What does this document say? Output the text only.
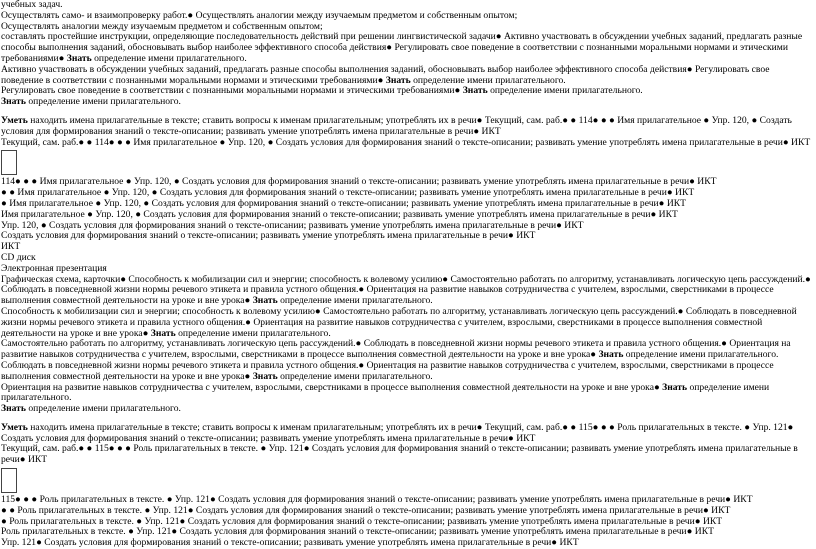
учебных задач.
Осуществлять само- и взаимопроверку работ.● Осуществлять аналогии между изучаемым предметом и собственным опытом;
Осуществлять аналогии между изучаемым предметом и собственным опытом;
составлять простейшие инструкции, определяющие последовательность действий при решении лингвистической задачи● Активно участвовать в обсуждении учебных заданий, предлагать разные способы выполнения заданий, обосновывать выбор наиболее эффективного способа действия● Регулировать свое поведение в соответствии с познанными моральными нормами и этическими требованиями● Знать определение имени прилагательного.
Активно участвовать в обсуждении учебных заданий, предлагать разные способы выполнения заданий, обосновывать выбор наиболее эффективного способа действия● Регулировать свое поведение в соответствии с познанными моральными нормами и этическими требованиями● Знать определение имени прилагательного.
Регулировать свое поведение в соответствии с познанными моральными нормами и этическими требованиями● Знать определение имени прилагательного.
Знать определение имени прилагательного.
Уметь находить имена прилагательные в тексте; ставить вопросы к именам прилагательным; употреблять их в речи● Текущий, сам. раб.● ● 114● ● ● Имя прилагательное ● Упр. 120, ● Создать условия для формирования знаний о тексте-описании; развивать умение употреблять имена прилагательные в речи● ИКТ
Текущий, сам. раб.● ● 114● ● ● Имя прилагательное ● Упр. 120, ● Создать условия для формирования знаний о тексте-описании; развивать умение употреблять имена прилагательные в речи● ИКТ
114● ● ● Имя прилагательное ● Упр. 120, ● Создать условия для формирования знаний о тексте-описании; развивать умение употреблять имена прилагательные в речи● ИКТ
● ● Имя прилагательное ● Упр. 120, ● Создать условия для формирования знаний о тексте-описании; развивать умение употреблять имена прилагательные в речи● ИКТ
● Имя прилагательное ● Упр. 120, ● Создать условия для формирования знаний о тексте-описании; развивать умение употреблять имена прилагательные в речи● ИКТ
Имя прилагательное ● Упр. 120, ● Создать условия для формирования знаний о тексте-описании; развивать умение употреблять имена прилагательные в речи● ИКТ
Упр. 120, ● Создать условия для формирования знаний о тексте-описании; развивать умение употреблять имена прилагательные в речи● ИКТ
Создать условия для формирования знаний о тексте-описании; развивать умение употреблять имена прилагательные в речи● ИКТ
ИКТ
CD диск
Электронная презентация
Графическая схема, карточки● Способность к мобилизации сил и энергии; способность к волевому усилию● Самостоятельно работать по алгоритму, устанавливать логическую цепь рассуждений.● Соблюдать в повседневной жизни нормы речевого этикета и правила устного общения.● Ориентация на развитие навыков сотрудничества с учителем, взрослыми, сверстниками в процессе выполнения совместной деятельности на уроке и вне урока● Знать определение имени прилагательного.
Способность к мобилизации сил и энергии; способность к волевому усилию● Самостоятельно работать по алгоритму, устанавливать логическую цепь рассуждений.● Соблюдать в повседневной жизни нормы речевого этикета и правила устного общения.● Ориентация на развитие навыков сотрудничества с учителем, взрослыми, сверстниками в процессе выполнения совместной деятельности на уроке и вне урока● Знать определение имени прилагательного.
Самостоятельно работать по алгоритму, устанавливать логическую цепь рассуждений.● Соблюдать в повседневной жизни нормы речевого этикета и правила устного общения.● Ориентация на развитие навыков сотрудничества с учителем, взрослыми, сверстниками в процессе выполнения совместной деятельности на уроке и вне урока● Знать определение имени прилагательного.
Соблюдать в повседневной жизни нормы речевого этикета и правила устного общения.● Ориентация на развитие навыков сотрудничества с учителем, взрослыми, сверстниками в процессе выполнения совместной деятельности на уроке и вне урока● Знать определение имени прилагательного.
Ориентация на развитие навыков сотрудничества с учителем, взрослыми, сверстниками в процессе выполнения совместной деятельности на уроке и вне урока● Знать определение имени прилагательного.
Знать определение имени прилагательного.
Уметь находить имена прилагательные в тексте; ставить вопросы к именам прилагательным; употреблять их в речи● Текущий, сам. раб.● ● 115● ● ● Роль прилагательных в тексте. ● Упр. 121● Создать условия для формирования знаний о тексте-описании; развивать умение употреблять имена прилагательные в речи● ИКТ
Текущий, сам. раб.● ● 115● ● ● Роль прилагательных в тексте. ● Упр. 121● Создать условия для формирования знаний о тексте-описании; развивать умение употреблять имена прилагательные в речи● ИКТ
115● ● ● Роль прилагательных в тексте. ● Упр. 121● Создать условия для формирования знаний о тексте-описании; развивать умение употреблять имена прилагательные в речи● ИКТ
● ● Роль прилагательных в тексте. ● Упр. 121● Создать условия для формирования знаний о тексте-описании; развивать умение употреблять имена прилагательные в речи● ИКТ
● Роль прилагательных в тексте. ● Упр. 121● Создать условия для формирования знаний о тексте-описании; развивать умение употреблять имена прилагательные в речи● ИКТ
Роль прилагательных в тексте. ● Упр. 121● Создать условия для формирования знаний о тексте-описании; развивать умение употреблять имена прилагательные в речи● ИКТ
Упр. 121● Создать условия для формирования знаний о тексте-описании; развивать умение употреблять имена прилагательные в речи● ИКТ
